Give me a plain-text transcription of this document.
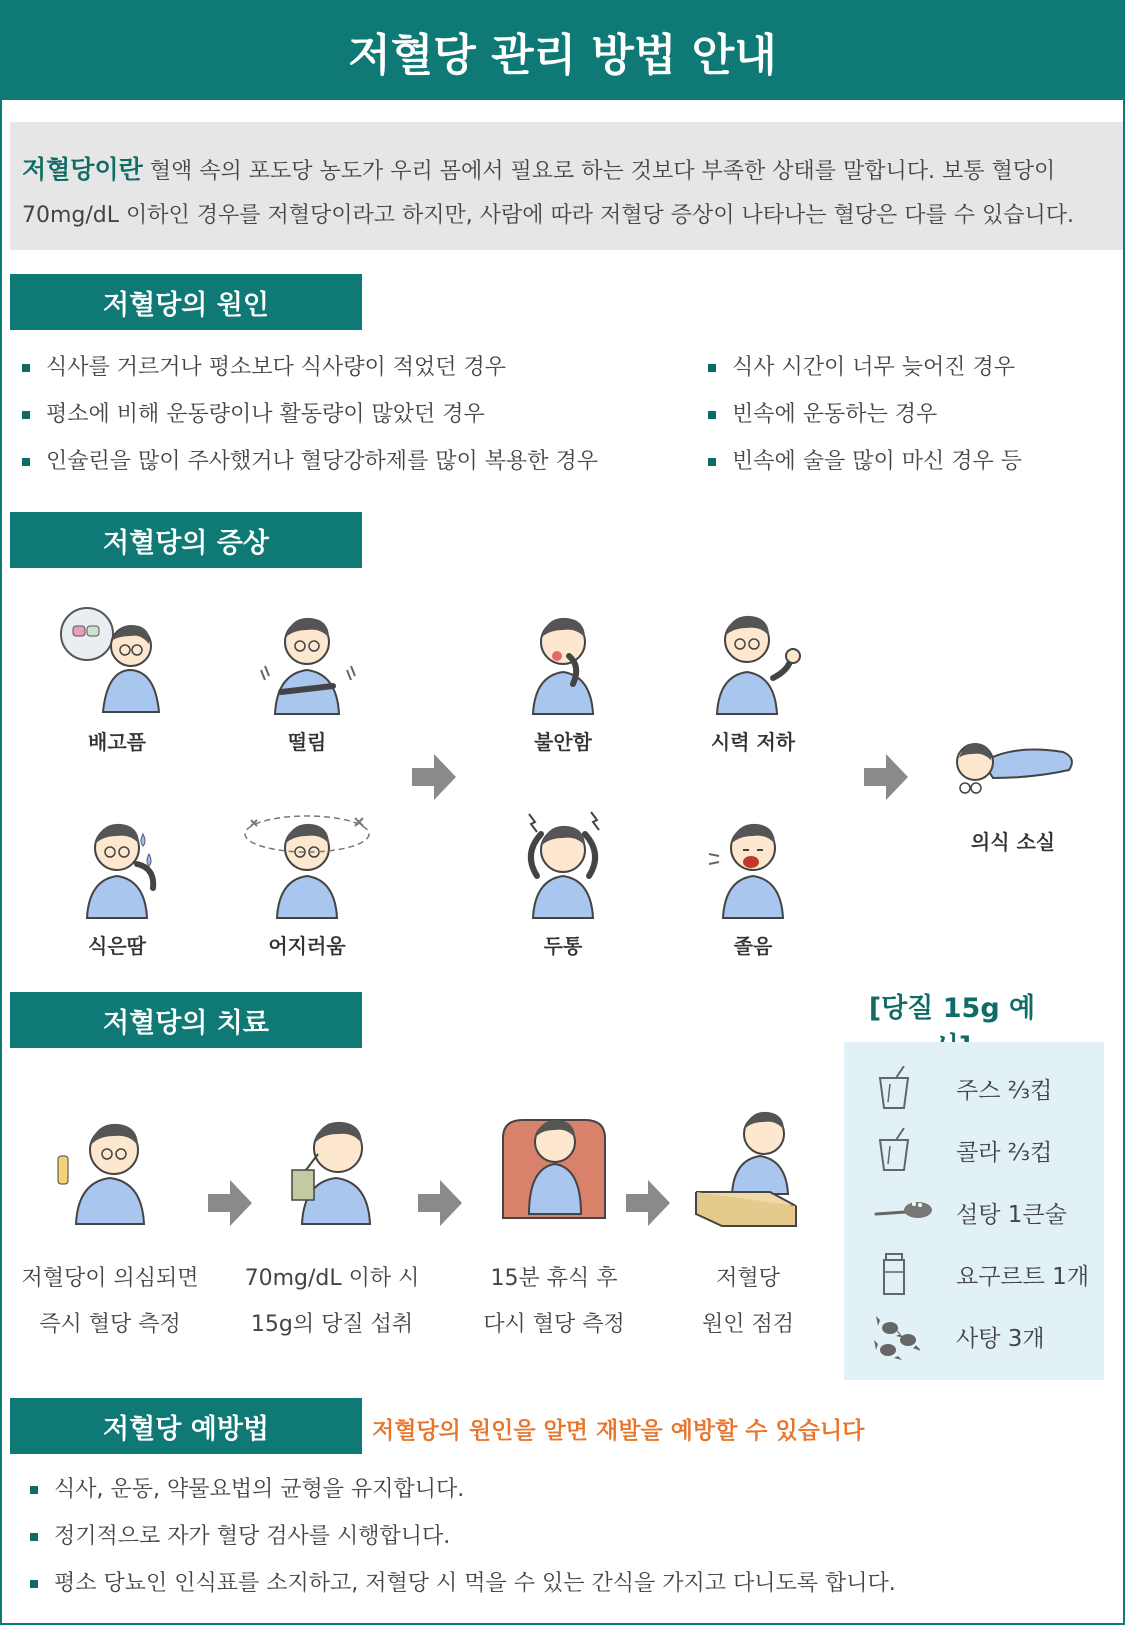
저혈당 관리 방법 안내
저혈당이란 혈액 속의 포도당 농도가 우리 몸에서 필요로 하는 것보다 부족한 상태를 말합니다. 보통 혈당이
70mg/dL 이하인 경우를 저혈당이라고 하지만, 사람에 따라 저혈당 증상이 나타나는 혈당은 다를 수 있습니다.
저혈당의 원인
식사를 거르거나 평소보다 식사량이 적었던 경우
평소에 비해 운동량이나 활동량이 많았던 경우
인슐린을 많이 주사했거나 혈당강하제를 많이 복용한 경우
식사 시간이 너무 늦어진 경우
빈속에 운동하는 경우
빈속에 술을 많이 마신 경우 등
저혈당의 증상
배고픔	떨림
식은땀	어지러움
불안함	시력 저하
두통	졸음
의식 소실
저혈당의 치료
저혈당이 의심되면
즉시 혈당 측정
70mg/dL 이하 시
15g의 당질 섭취
15분 휴식 후
다시 혈당 측정
저혈당
원인 점검
[당질 15g 예
주스 ⅔컵
콜라 ⅔컵
설탕 1큰술
요구르트 1개
사탕 3개
저혈당 예방법	저혈당의 원인을 알면 재발을 예방할 수 있습니다
식사, 운동, 약물요법의 균형을 유지합니다.
정기적으로 자가 혈당 검사를 시행합니다.
평소 당뇨인 인식표를 소지하고, 저혈당 시 먹을 수 있는 간식을 가지고 다니도록 합니다.
